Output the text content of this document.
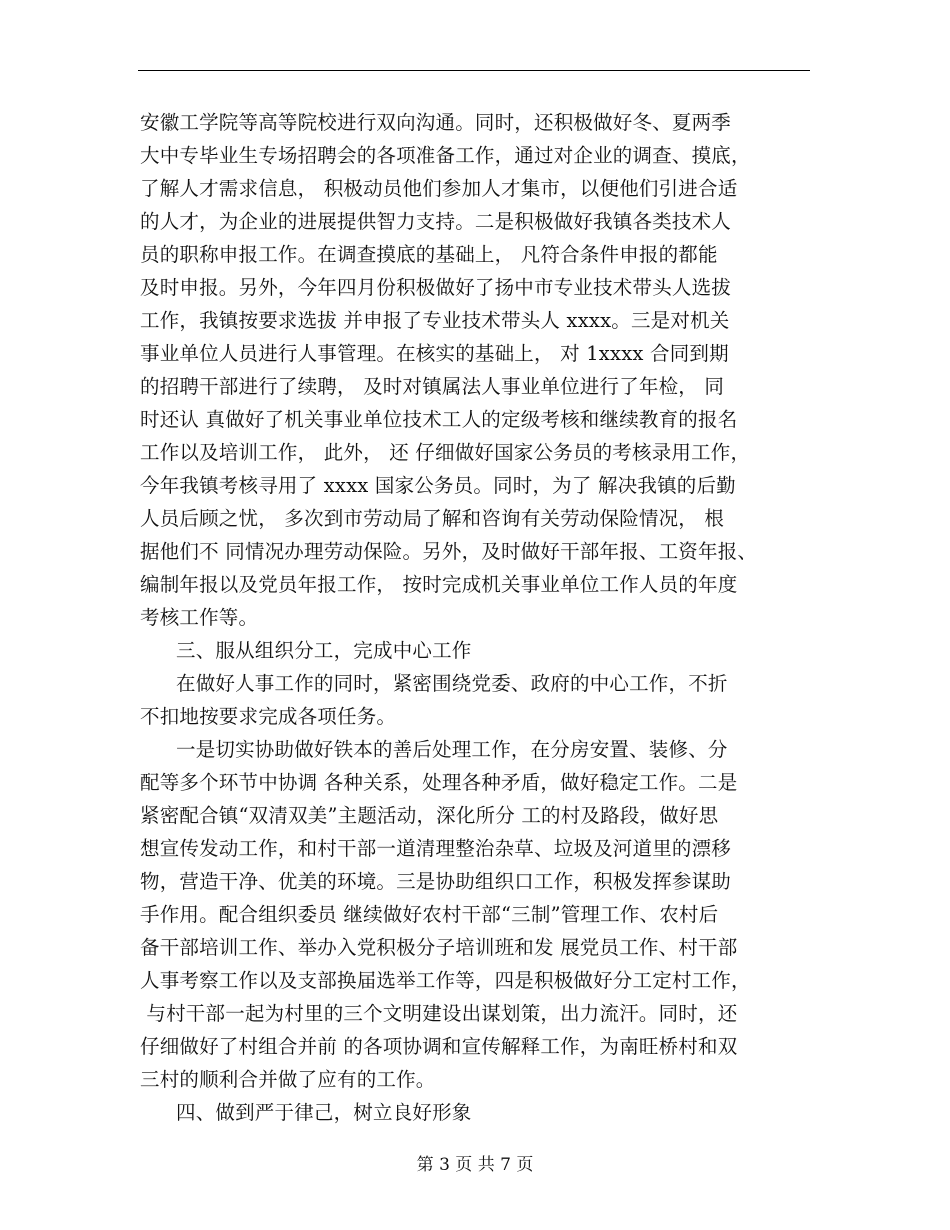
安徽工学院等高等院校进行双向沟通。同时，还积极做好冬、夏两季
大中专毕业生专场招聘会的各项准备工作，通过对企业的调查、摸底，
了解人才需求信息， 积极动员他们参加人才集市，以便他们引进合适
的人才，为企业的进展提供智力支持。二是积极做好我镇各类技术人
员的职称申报工作。在调查摸底的基础上， 凡符合条件申报的都能
及时申报。另外，今年四月份积极做好了扬中市专业技术带头人选拔
工作，我镇按要求选拔 并申报了专业技术带头人 xxxx。三是对机关
事业单位人员进行人事管理。在核实的基础上， 对 1xxxx 合同到期
的招聘干部进行了续聘， 及时对镇属法人事业单位进行了年检， 同
时还认 真做好了机关事业单位技术工人的定级考核和继续教育的报名
工作以及培训工作， 此外， 还 仔细做好国家公务员的考核录用工作，
今年我镇考核寻用了 xxxx 国家公务员。同时，为了 解决我镇的后勤
人员后顾之忧， 多次到市劳动局了解和咨询有关劳动保险情况， 根
据他们不 同情况办理劳动保险。另外，及时做好干部年报、工资年报、
编制年报以及党员年报工作， 按时完成机关事业单位工作人员的年度
考核工作等。
三、服从组织分工，完成中心工作
在做好人事工作的同时，紧密围绕党委、政府的中心工作，不折
不扣地按要求完成各项任务。
一是切实协助做好铁本的善后处理工作，在分房安置、装修、分
配等多个环节中协调 各种关系，处理各种矛盾，做好稳定工作。二是
紧密配合镇“双清双美”主题活动，深化所分 工的村及路段，做好思
想宣传发动工作，和村干部一道清理整治杂草、垃圾及河道里的漂移
物，营造干净、优美的环境。三是协助组织口工作，积极发挥参谋助
手作用。配合组织委员 继续做好农村干部“三制”管理工作、农村后
备干部培训工作、举办入党积极分子培训班和发 展党员工作、村干部
人事考察工作以及支部换届选举工作等，四是积极做好分工定村工作，
与村干部一起为村里的三个文明建设出谋划策，出力流汗。同时，还
仔细做好了村组合并前 的各项协调和宣传解释工作，为南旺桥村和双
三村的顺利合并做了应有的工作。
四、做到严于律己，树立良好形象
第 3 页 共 7 页
